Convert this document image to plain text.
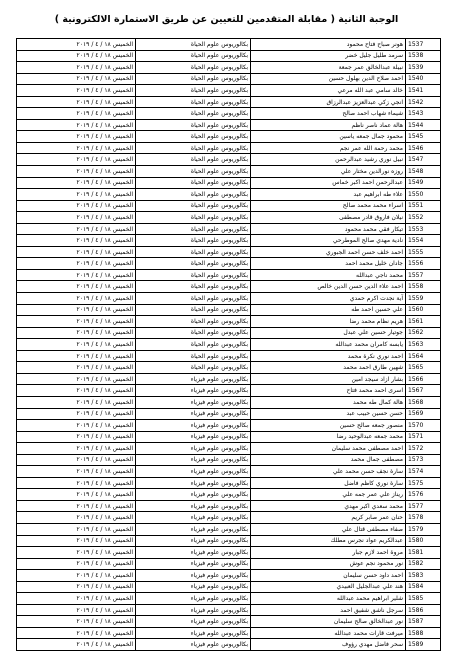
الوجبة الثانية ( مقابلة المتقدمين للتعيين عن طريق الاستمارة الالكترونية )
الخميس ١٨ / ٤ / ٢٠١٩	بكالوريوس علوم الحياة	هونر صباح فتاح محمود	1537
الخميس ١٨ / ٤ / ٢٠١٩	بكالوريوس علوم الحياة	سرمد طليل جليل خضر	1538
الخميس ١٨ / ٤ / ٢٠١٩	بكالوريوس علوم الحياة	نبيلة عبدالخالق عمر جمعة	1539
الخميس ١٨ / ٤ / ٢٠١٩	بكالوريوس علوم الحياة	احمد صلاح الدين بهلول حسين	1540
الخميس ١٨ / ٤ / ٢٠١٩	بكالوريوس علوم الحياة	خالد سامي عبد الله مرعي	1541
الخميس ١٨ / ٤ / ٢٠١٩	بكالوريوس علوم الحياة	انجي زكي عبدالعزيز عبدالرزاق	1542
الخميس ١٨ / ٤ / ٢٠١٩	بكالوريوس علوم الحياة	شيماء شهاب احمد صالح	1543
الخميس ١٨ / ٤ / ٢٠١٩	بكالوريوس علوم الحياة	هالة عماد ناصر ناظم	1544
الخميس ١٨ / ٤ / ٢٠١٩	بكالوريوس علوم الحياة	محمود جمال جمعه ياسين	1545
الخميس ١٨ / ٤ / ٢٠١٩	بكالوريوس علوم الحياة	محمد رحمة الله عمر نجم	1546
الخميس ١٨ / ٤ / ٢٠١٩	بكالوريوس علوم الحياة	نبيل نوري رشيد عبدالرحمن	1547
الخميس ١٨ / ٤ / ٢٠١٩	بكالوريوس علوم الحياة	روزه نورالدين مختار علي	1548
الخميس ١٨ / ٤ / ٢٠١٩	بكالوريوس علوم الحياة	عبدالرحمن احمد اكبر خماس	1549
الخميس ١٨ / ٤ / ٢٠١٩	بكالوريوس علوم الحياة	علاء طه ابراهيم عبد	1550
الخميس ١٨ / ٤ / ٢٠١٩	بكالوريوس علوم الحياة	اسراء محمد محمد صالح	1551
الخميس ١٨ / ٤ / ٢٠١٩	بكالوريوس علوم الحياة	نيلان فاروق قادر مصطفى	1552
الخميس ١٨ / ٤ / ٢٠١٩	بكالوريوس علوم الحياة	تيكار فقي محمد محمود	1553
الخميس ١٨ / ٤ / ٢٠١٩	بكالوريوس علوم الحياة	نادية مهدي صالح الموطرحي	1554
الخميس ١٨ / ٤ / ٢٠١٩	بكالوريوس علوم الحياة	احمد خلف حسن احمد الجبوري	1555
الخميس ١٨ / ٤ / ٢٠١٩	بكالوريوس علوم الحياة	جادان خليل محمد احمد	1556
الخميس ١٨ / ٤ / ٢٠١٩	بكالوريوس علوم الحياة	محمد ناجي عبدالله	1557
الخميس ١٨ / ٤ / ٢٠١٩	بكالوريوس علوم الحياة	احمد علاء الدين حسن الدين خالص	1558
الخميس ١٨ / ٤ / ٢٠١٩	بكالوريوس علوم الحياة	آية نجدت اكرم حمدي	1559
الخميس ١٨ / ٤ / ٢٠١٩	بكالوريوس علوم الحياة	علي حسين احمد طه	1560
الخميس ١٨ / ٤ / ٢٠١٩	بكالوريوس علوم الحياة	هريم نظام محمد رضا	1561
الخميس ١٨ / ٤ / ٢٠١٩	بكالوريوس علوم الحياة	جوتيار حسين علي عبدل	1562
الخميس ١٨ / ٤ / ٢٠١٩	بكالوريوس علوم الحياة	يابسه كامران محمد عبدالله	1563
الخميس ١٨ / ٤ / ٢٠١٩	بكالوريوس علوم الحياة	احمد نوري نكرة محمد	1564
الخميس ١٨ / ٤ / ٢٠١٩	بكالوريوس علوم الحياة	شهين طارق احمد محمد	1565
الخميس ١٨ / ٤ / ٢٠١٩	بكالوريوس علوم فيزياء	بشار ازاد سيجد امين	1566
الخميس ١٨ / ٤ / ٢٠١٩	بكالوريوس علوم فيزياء	اسرى احمد محمد فتاح	1567
الخميس ١٨ / ٤ / ٢٠١٩	بكالوريوس علوم فيزياء	هالة كمال طه محمد	1568
الخميس ١٨ / ٤ / ٢٠١٩	بكالوريوس علوم فيزياء	حسن حسين حبيب عبد	1569
الخميس ١٨ / ٤ / ٢٠١٩	بكالوريوس علوم فيزياء	منصور جمعه صالح حسين	1570
الخميس ١٨ / ٤ / ٢٠١٩	بكالوريوس علوم فيزياء	محمد جمعه عبدالوحيد رضا	1571
الخميس ١٨ / ٤ / ٢٠١٩	بكالوريوس علوم فيزياء	احمد مصطفى محمد سليمان	1572
الخميس ١٨ / ٤ / ٢٠١٩	بكالوريوس علوم فيزياء	مصطفى جمال محمد	1573
الخميس ١٨ / ٤ / ٢٠١٩	بكالوريوس علوم فيزياء	سارة نجف حسن محمد علي	1574
الخميس ١٨ / ٤ / ٢٠١٩	بكالوريوس علوم فيزياء	سارة نوري كاظم فاضل	1575
الخميس ١٨ / ٤ / ٢٠١٩	بكالوريوس علوم فيزياء	ريناز علي عمر جمه علي	1576
الخميس ١٨ / ٤ / ٢٠١٩	بكالوريوس علوم فيزياء	محمد سعدي اكبر مهدي	1577
الخميس ١٨ / ٤ / ٢٠١٩	بكالوريوس علوم فيزياء	حنان عمر صابر كريم	1578
الخميس ١٨ / ٤ / ٢٠١٩	بكالوريوس علوم فيزياء	صفاء مصطفى قتال علي	1579
الخميس ١٨ / ٤ / ٢٠١٩	بكالوريوس علوم فيزياء	عبدالكريم عواد نجرس مطلك	1580
الخميس ١٨ / ٤ / ٢٠١٩	بكالوريوس علوم فيزياء	مروة احمد لازم جبار	1581
الخميس ١٨ / ٤ / ٢٠١٩	بكالوريوس علوم فيزياء	نور محمود نجم عوش	1582
الخميس ١٨ / ٤ / ٢٠١٩	بكالوريوس علوم فيزياء	احمد داود حسن سليمان	1583
الخميس ١٨ / ٤ / ٢٠١٩	بكالوريوس علوم فيزياء	هند علي عبدالجليل العبيدي	1584
الخميس ١٨ / ٤ / ٢٠١٩	بكالوريوس علوم فيزياء	شلير ابراهيم محمد عبدالله	1585
الخميس ١٨ / ٤ / ٢٠١٩	بكالوريوس علوم فيزياء	سرجل ناشق شفيق احمد	1586
الخميس ١٨ / ٤ / ٢٠١٩	بكالوريوس علوم فيزياء	نور عبدالخالق صالح سليمان	1587
الخميس ١٨ / ٤ / ٢٠١٩	بكالوريوس علوم فيزياء	ميرفت قارات محمد عبدالله	1588
الخميس ١٨ / ٤ / ٢٠١٩	بكالوريوس علوم فيزياء	سحر فاضل مهدي رؤوف	1589
